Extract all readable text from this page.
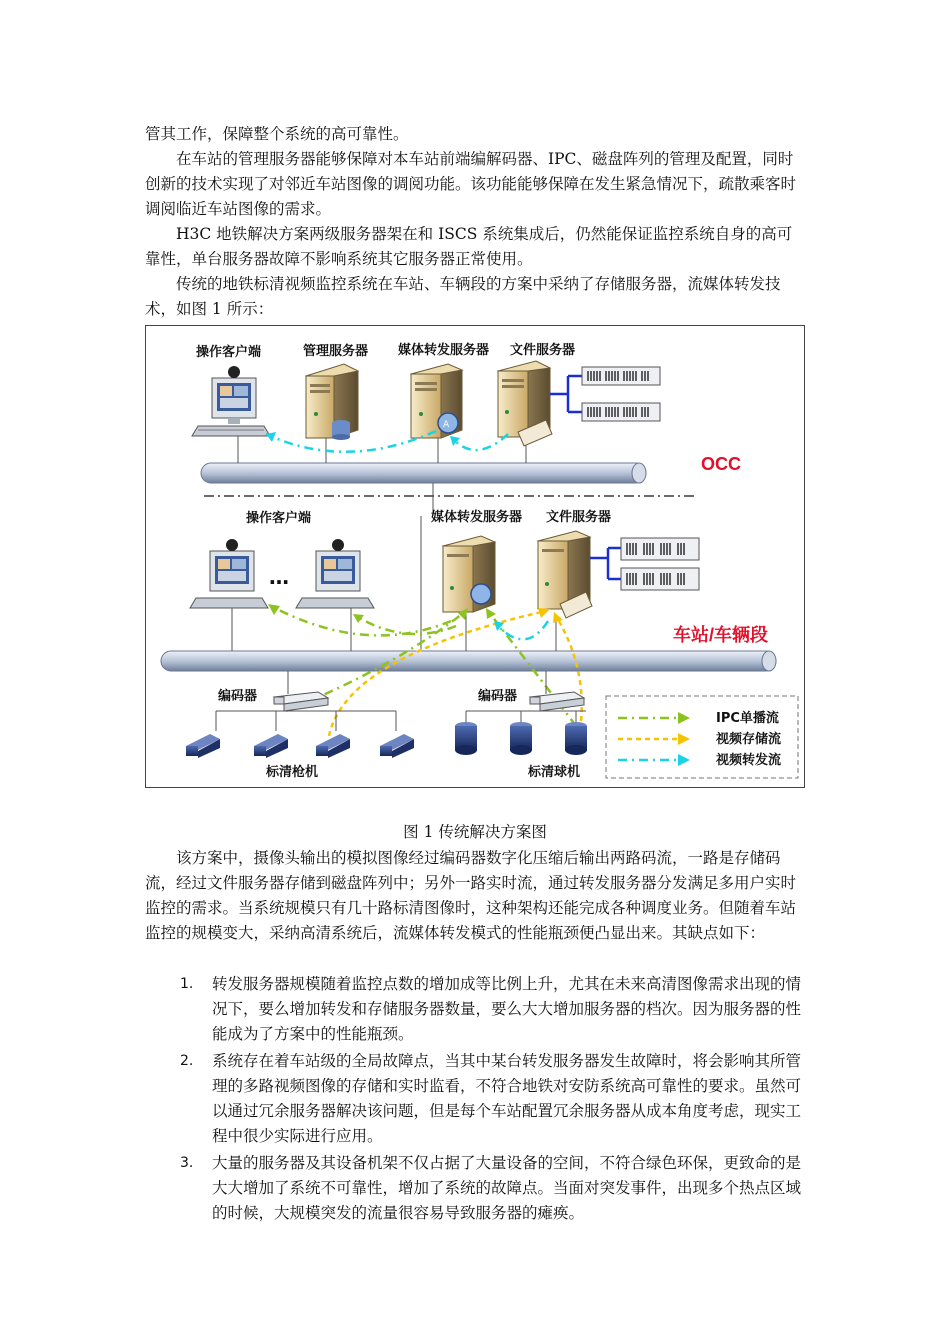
管其工作，保障整个系统的高可靠性。

在车站的管理服务器能够保障对本车站前端编解码器、IPC、磁盘阵列的管理及配置，同时创新的技术实现了对邻近车站图像的调阅功能。该功能能够保障在发生紧急情况下，疏散乘客时调阅临近车站图像的需求。

H3C 地铁解决方案两级服务器架在和 ISCS 系统集成后，仍然能保证监控系统自身的高可靠性，单台服务器故障不影响系统其它服务器正常使用。

传统的地铁标清视频监控系统在车站、车辆段的方案中采纳了存储服务器，流媒体转发技术，如图 1 所示：

操作客户端	管理服务器 媒体转发服务器 文件服务器
A
OCC
操作客户端	媒体转发服务器 文件服务器
…
车站/车辆段
编码器	编码器
标清枪机	标清球机
IPC单播流
视频存储流
视频转发流
图 1 传统解决方案图

该方案中，摄像头输出的模拟图像经过编码器数字化压缩后输出两路码流，一路是存储码流，经过文件服务器存储到磁盘阵列中；另外一路实时流，通过转发服务器分发满足多用户实时监控的需求。当系统规模只有几十路标清图像时，这种架构还能完成各种调度业务。但随着车站监控的规模变大，采纳高清系统后，流媒体转发模式的性能瓶颈便凸显出来。其缺点如下：

1. 转发服务器规模随着监控点数的增加成等比例上升，尤其在未来高清图像需求出现的情况下，要么增加转发和存储服务器数量，要么大大增加服务器的档次。因为服务器的性能成为了方案中的性能瓶颈。
2. 系统存在着车站级的全局故障点，当其中某台转发服务器发生故障时，将会影响其所管理的多路视频图像的存储和实时监看，不符合地铁对安防系统高可靠性的要求。虽然可以通过冗余服务器解决该问题，但是每个车站配置冗余服务器从成本角度考虑，现实工程中很少实际进行应用。
3. 大量的服务器及其设备机架不仅占据了大量设备的空间，不符合绿色环保，更致命的是大大增加了系统不可靠性，增加了系统的故障点。当面对突发事件，出现多个热点区域的时候，大规模突发的流量很容易导致服务器的瘫痪。
